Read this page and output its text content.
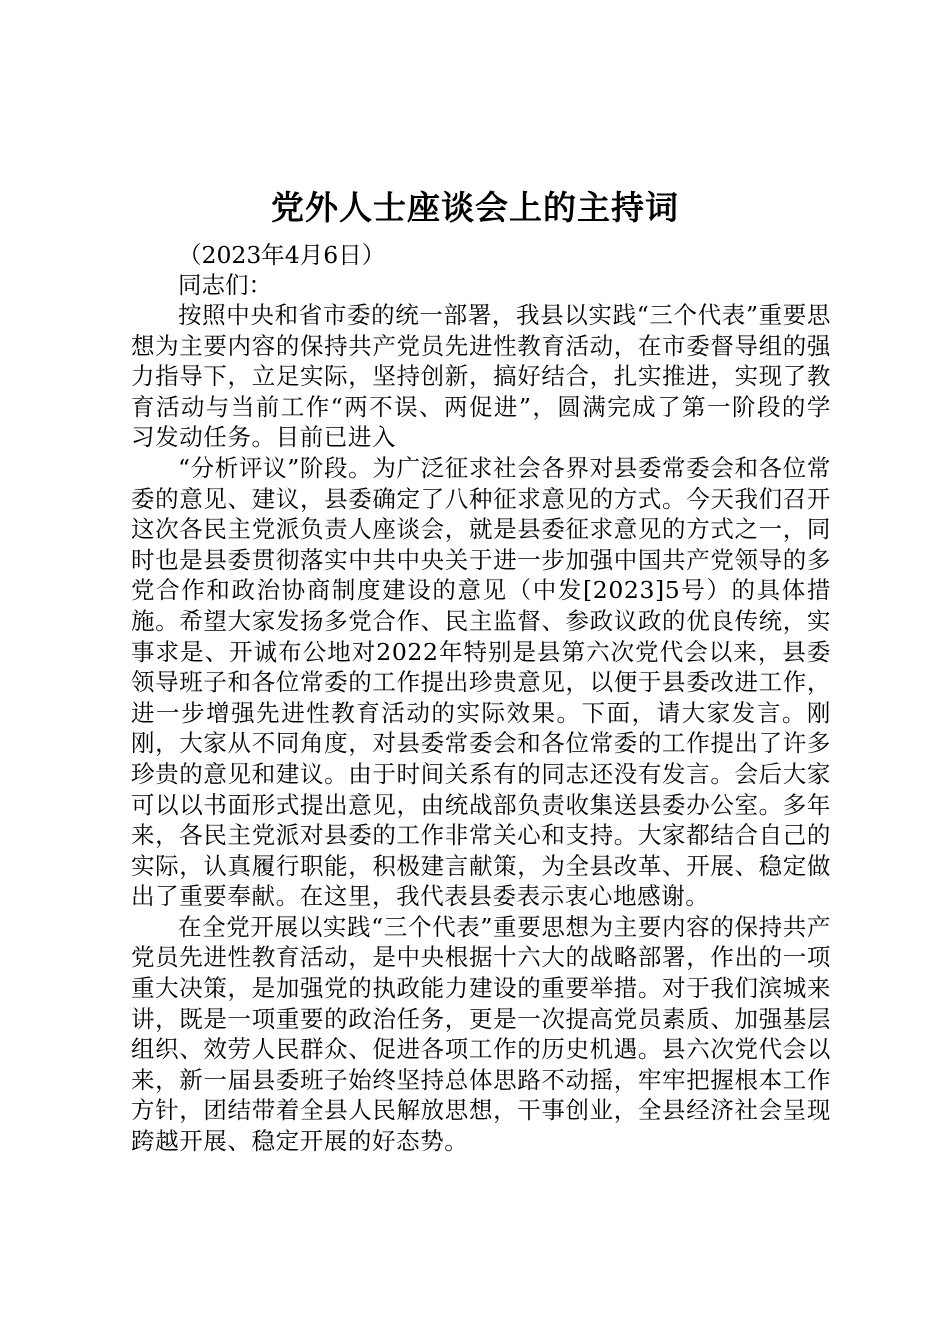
党外人士座谈会上的主持词

（2023年4月6日）

同志们：

按照中央和省市委的统一部署，我县以实践“三个代表”重要思想为主要内容的保持共产党员先进性教育活动，在市委督导组的强力指导下，立足实际，坚持创新，搞好结合，扎实推进，实现了教育活动与当前工作“两不误、两促进”，圆满完成了第一阶段的学习发动任务。目前已进入

“分析评议”阶段。为广泛征求社会各界对县委常委会和各位常委的意见、建议，县委确定了八种征求意见的方式。今天我们召开这次各民主党派负责人座谈会，就是县委征求意见的方式之一，同时也是县委贯彻落实中共中央关于进一步加强中国共产党领导的多党合作和政治协商制度建设的意见（中发[2023]5号）的具体措施。希望大家发扬多党合作、民主监督、参政议政的优良传统，实事求是、开诚布公地对2022年特别是县第六次党代会以来，县委领导班子和各位常委的工作提出珍贵意见，以便于县委改进工作，进一步增强先进性教育活动的实际效果。下面，请大家发言。刚刚，大家从不同角度，对县委常委会和各位常委的工作提出了许多珍贵的意见和建议。由于时间关系有的同志还没有发言。会后大家可以以书面形式提出意见，由统战部负责收集送县委办公室。多年来，各民主党派对县委的工作非常关心和支持。大家都结合自己的实际，认真履行职能，积极建言献策，为全县改革、开展、稳定做出了重要奉献。在这里，我代表县委表示衷心地感谢。

在全党开展以实践“三个代表”重要思想为主要内容的保持共产党员先进性教育活动，是中央根据十六大的战略部署，作出的一项重大决策，是加强党的执政能力建设的重要举措。对于我们滨城来讲，既是一项重要的政治任务，更是一次提高党员素质、加强基层组织、效劳人民群众、促进各项工作的历史机遇。县六次党代会以来，新一届县委班子始终坚持总体思路不动摇，牢牢把握根本工作方针，团结带着全县人民解放思想，干事创业，全县经济社会呈现跨越开展、稳定开展的好态势。
